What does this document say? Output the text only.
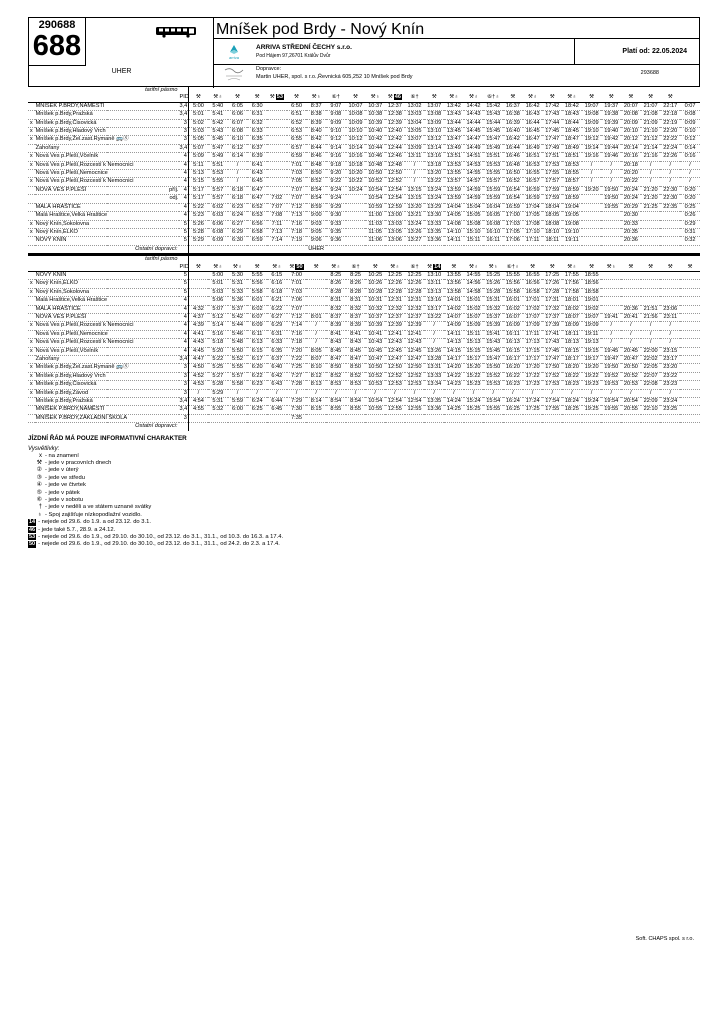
290688
688
UHER
Mníšek pod Brdy - Nový Knín
arriva
ARRIVA STŘEDNÍ ČECHY s.r.o.
Pod Hájem 97,26701 Králův Dvůr
Platí od: 22.05.2024
Dopravce:
Martin UHER, spol. s r.o.,Řevnická 605,252 10 Mníšek pod Brdy
293688
	tarifní pásmo																												
			PID	⚒	⚒♁	⚒	⚒	⚒ 53	⚒	⚒♁	⑥†	⚒	⚒♁	⚒ 46	⑥†	⚒	⚒♁	⚒♁	⑥†♁	⚒	⚒♁	⚒	⚒♁	⚒	⚒	⚒	⚒	⚒	
	MNÍŠEK P.BRDY,NÁMĚSTÍ		3,4	5:00	5:40	6:05	6:30		6:50	8:37	9:07	10:07	10:37	12:37	13:02	13:07	13:42	14:42	15:42	16:37	16:42	17:42	18:42	19:07	19:37	20:07	21:07	22:17	0:07
	Mníšek p.Brdy,Pražská		3,4	5:01	5:41	6:06	6:31		6:51	8:38	9:08	10:08	10:38	12:38	13:03	13:08	13:43	14:43	15:43	16:38	16:43	17:43	18:43	19:08	19:38	20:08	21:08	22:18	0:08
x	Mníšek p.Brdy,Čisovická		3	5:02	5:42	6:07	6:32		6:52	8:39	9:09	10:09	10:39	12:39	13:04	13:09	13:44	14:44	15:44	16:39	16:44	17:44	18:44	19:09	19:39	20:09	21:09	22:19	0:09
x	Mníšek p.Brdy,Hladový Vrch		3	5:03	5:43	6:08	6:33		6:53	8:40	9:10	10:10	10:40	12:40	13:05	13:10	13:45	14:45	15:45	16:40	16:45	17:45	18:45	19:10	19:40	20:10	21:10	22:20	0:10
x	Mníšek p.Brdy,Žel.zast.Rymaně 🚌Ⓢ		3	5:05	5:45	6:10	6:35		6:55	8:42	9:12	10:12	10:42	12:42	13:07	13:12	13:47	14:47	15:47	16:42	16:47	17:47	18:47	19:12	19:42	20:12	21:12	22:22	0:12
	Zahořany		3,4	5:07	5:47	6:12	6:37		6:57	8:44	9:14	10:14	10:44	12:44	13:09	13:14	13:49	14:49	15:49	16:44	16:49	17:49	18:49	19:14	19:44	20:14	21:14	22:24	0:14
x	Nová Ves p.Pleší,Včelník		4	5:09	5:49	6:14	6:39		6:59	8:46	9:16	10:16	10:46	12:46	13:11	13:16	13:51	14:51	15:51	16:46	16:51	17:51	18:51	19:16	19:46	20:16	21:16	22:26	0:16
x	Nová Ves p.Pleší,Rozcestí k Nemocnici		4	5:11	5:51	/	6:41		7:01	8:48	9:18	10:18	10:48	12:48	/	13:18	13:53	14:53	15:53	16:48	16:53	17:53	18:53	/	/	20:18	/	/	/
	Nová Ves p.Pleší,Nemocnice		4	5:13	5:53	/	6:43		7:03	8:50	9:20	10:20	10:50	12:50	/	13:20	13:55	14:55	15:55	16:50	16:55	17:55	18:55	/	/	20:20	/	/	/
x	Nová Ves p.Pleší,Rozcestí k Nemocnici		4	5:15	5:55	/	6:45		7:05	8:52	9:22	10:22	10:52	12:52	/	13:22	13:57	14:57	15:57	16:52	16:57	17:57	18:57	/	/	20:22	/	/	/
	NOVÁ VES P.PLEŠÍ	příj.	4	5:17	5:57	6:18	6:47		7:07	8:54	9:24	10:24	10:54	12:54	13:15	13:24	13:59	14:59	15:59	16:54	16:59	17:59	18:59	19:20	19:50	20:24	21:20	22:30	0:20
		odj.	4	5:17	5:57	6:18	6:47	7:02	7:07	8:54	9:24		10:54	12:54	13:15	13:24	13:59	14:59	15:59	16:54	16:59	17:59	18:59		19:50	20:24	21:20	22:30	0:20
	MALÁ HRAŠTICE		4	5:22	6:02	6:23	6:52	7:07	7:12	8:59	9:29		10:59	12:59	13:20	13:29	14:04	15:04	16:04	16:59	17:04	18:04	19:04		19:55	20:29	21:25	22:35	0:25
	Malá Hraštice,Velká Hraštice		4	5:23	6:03	6:24	6:53	7:08	7:13	9:00	9:30		11:00	13:00	13:21	13:30	14:05	15:05	16:05	17:00	17:05	18:05	19:05			20:30			0:26
x	Nový Knín,Sokolovna		5	5:26	6:06	6:27	6:56	7:11	7:16	9:03	9:33		11:03	13:03	13:24	13:33	14:08	15:08	16:08	17:03	17:08	18:08	19:08			20:33			0:29
x	Nový Knín,ELKO		5	5:28	6:08	6:29	6:58	7:13	7:18	9:05	9:35		11:05	13:05	13:26	13:35	14:10	15:10	16:10	17:05	17:10	18:10	19:10			20:35			0:31
	NOVÝ KNÍN		5	5:29	6:09	6:30	6:59	7:14	7:19	9:06	9:36		11:06	13:06	13:27	13:36	14:11	15:11	16:11	17:06	17:11	18:11	19:11			20:36			0:32
	Ostatní dopravci:									UHER																			
	tarifní pásmo																												
			PID	⚒	⚒♁	⚒♁	⚒	⚒♁	⚒ 50	⚒	⚒♁	⑥†	⚒	⚒♁	⑥†	⚒ 14	⚒	⚒♁	⚒♁	⑥†♁	⚒	⚒	⚒♁	⚒	⚒♁	⚒	⚒	⚒	⚒
	NOVÝ KNÍN		5		5:00	5:30	5:55	6:15	7:00		8:25	8:25	10:25	12:25	12:25	13:10	13:55	14:55	15:25	15:55	16:55	17:25	17:55	18:55					
x	Nový Knín,ELKO		5		5:01	5:31	5:56	6:16	7:01		8:26	8:26	10:26	12:26	12:26	13:11	13:56	14:56	15:26	15:56	16:56	17:26	17:56	18:56					
x	Nový Knín,Sokolovna		5		5:03	5:33	5:58	6:18	7:03		8:28	8:28	10:28	12:28	12:28	13:13	13:58	14:58	15:28	15:58	16:58	17:28	17:58	18:58					
	Malá Hraštice,Velká Hraštice		4		5:06	5:36	6:01	6:21	7:06		8:31	8:31	10:31	12:31	12:31	13:16	14:01	15:01	15:31	16:01	17:01	17:31	18:01	19:01					
	MALÁ HRAŠTICE		4	4:32	5:07	5:37	6:02	6:22	7:07		8:32	8:32	10:32	12:32	12:32	13:17	14:02	15:02	15:32	16:02	17:02	17:32	18:02	19:02		20:36	21:51	23:06	
	NOVÁ VES P.PLEŠÍ		4	4:37	5:12	5:42	6:07	6:27	7:12	8:01	8:37	8:37	10:37	12:37	12:37	13:22	14:07	15:07	15:37	16:07	17:07	17:37	18:07	19:07	19:41	20:41	21:56	23:11	
x	Nová Ves p.Pleší,Rozcestí k Nemocnici		4	4:39	5:14	5:44	6:09	6:29	7:14	/	8:39	8:39	10:39	12:39	12:39	/	14:09	15:09	15:39	16:09	17:09	17:39	18:09	19:09	/	/	/	/	
	Nová Ves p.Pleší,Nemocnice		4	4:41	5:16	5:46	6:11	6:31	7:16	/	8:41	8:41	10:41	12:41	12:41	/	14:11	15:11	15:41	16:11	17:11	17:41	18:11	19:11	/	/	/	/	
x	Nová Ves p.Pleší,Rozcestí k Nemocnici		4	4:43	5:18	5:48	6:13	6:33	7:18	/	8:43	8:43	10:43	12:43	12:43	/	14:13	15:13	15:43	16:13	17:13	17:43	18:13	19:13	/	/	/	/	
x	Nová Ves p.Pleší,Včelník		4	4:45	5:20	5:50	6:15	6:35	7:20	8:05	8:45	8:45	10:45	12:45	12:45	13:26	14:15	15:15	15:45	16:15	17:15	17:45	18:15	19:15	19:45	20:45	22:00	23:15	
	Zahořany		3,4	4:47	5:22	5:52	6:17	6:37	7:22	8:07	8:47	8:47	10:47	12:47	12:47	13:28	14:17	15:17	15:47	16:17	17:17	17:47	18:17	19:17	19:47	20:47	22:02	23:17	
x	Mníšek p.Brdy,Žel.zast.Rymaně 🚌Ⓢ		3	4:50	5:25	5:55	6:20	6:40	7:25	8:10	8:50	8:50	10:50	12:50	12:50	13:31	14:20	15:20	15:50	16:20	17:20	17:50	18:20	19:20	19:50	20:50	22:05	23:20	
x	Mníšek p.Brdy,Hladový Vrch		3	4:52	5:27	5:57	6:22	6:42	7:27	8:12	8:52	8:52	10:52	12:52	12:52	13:33	14:22	15:22	15:52	16:22	17:22	17:52	18:22	19:22	19:52	20:52	22:07	23:22	
x	Mníšek p.Brdy,Čisovická		3	4:53	5:28	5:58	6:23	6:43	7:28	8:13	8:53	8:53	10:53	12:53	12:53	13:34	14:23	15:23	15:53	16:23	17:23	17:53	18:23	19:23	19:53	20:53	22:08	23:23	
x	Mníšek p.Brdy,Závod		3	/	5:29	/	/	/	/	/	/	/	/	/	/	/	/	/	/	/	/	/	/	/	/	/	/	/	
	Mníšek p.Brdy,Pražská		3,4	4:54	5:31	5:59	6:24	6:44	7:29	8:14	8:54	8:54	10:54	12:54	12:54	13:35	14:24	15:24	15:54	16:24	17:24	17:54	18:24	19:24	19:54	20:54	22:09	23:24	
	MNÍŠEK P.BRDY,NÁMĚSTÍ		3,4	4:55	5:32	6:00	6:25	6:45	7:30	8:15	8:55	8:55	10:55	12:55	12:55	13:36	14:25	15:25	15:55	16:25	17:25	17:55	18:25	19:25	19:55	20:55	22:10	23:25	
	MNÍŠEK P.BRDY,ZÁKLADNÍ ŠKOLA		3						7:35																				
	Ostatní dopravci:																												
JÍZDNÍ ŘÁD MÁ POUZE INFORMATIVNÍ CHARAKTER
Vysvětlivky:
x - na znamení
⚒ - jede v pracovních dnech
② - jede v úterý
③ - jede ve středu
④ - jede ve čtvrtek
⑤ - jede v pátek
⑥ - jede v sobotu
† - jede v neděli a ve státem uznané svátky
♁ - Spoj zajišťuje nízkopodlažní vozidlo.
14 - nejede od 29.6. do 1.9. a od 23.12. do 3.1.
46 - jede také 5.7., 28.9. a 24.12.
53 - nejede od 29.6. do 1.9., od 29.10. do 30.10., od 23.12. do 3.1., 31.1., od 10.3. do 16.3. a 17.4.
50 - nejede od 29.6. do 1.9., od 29.10. do 30.10., od 23.12. do 3.1., 31.1., od 24.2. do 2.3. a 17.4.
Soft. CHAPS spol. s r.o.
